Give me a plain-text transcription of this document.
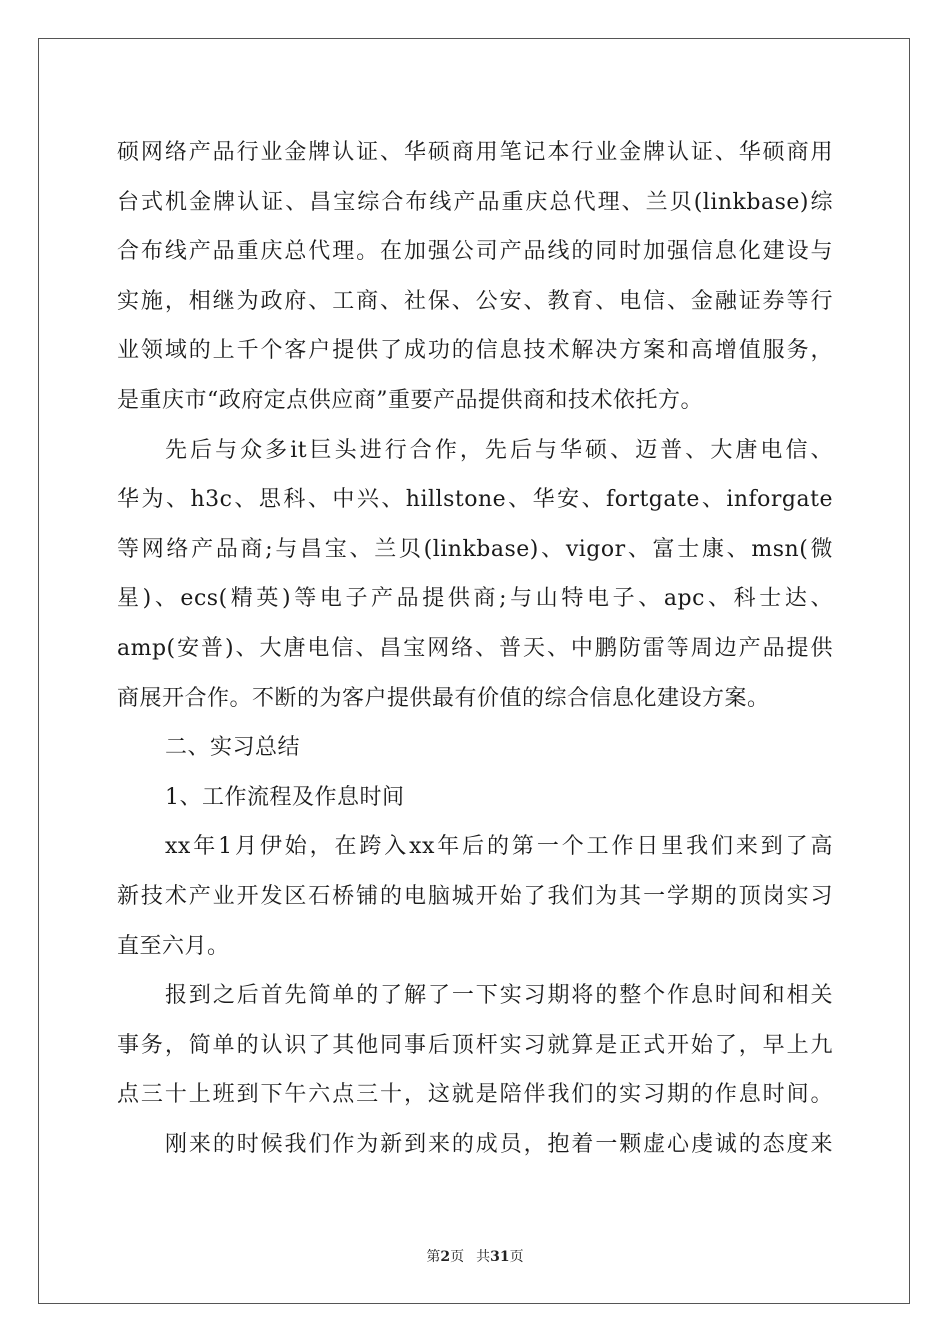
硕网络产品行业金牌认证、华硕商用笔记本行业金牌认证、华硕商用
台式机金牌认证、昌宝综合布线产品重庆总代理、兰贝(linkbase)综
合布线产品重庆总代理。在加强公司产品线的同时加强信息化建设与
实施，相继为政府、工商、社保、公安、教育、电信、金融证券等行
业领域的上千个客户提供了成功的信息技术解决方案和高增值服务，
是重庆市“政府定点供应商”重要产品提供商和技术依托方。
先后与众多it巨头进行合作，先后与华硕、迈普、大唐电信、
华为、h3c、思科、中兴、hillstone、华安、fortgate、inforgate
等网络产品商;与昌宝、兰贝(linkbase)、vigor、富士康、msn(微
星)、ecs(精英)等电子产品提供商;与山特电子、apc、科士达、
amp(安普)、大唐电信、昌宝网络、普天、中鹏防雷等周边产品提供
商展开合作。不断的为客户提供最有价值的综合信息化建设方案。
二、实习总结
1、工作流程及作息时间
xx年1月伊始，在跨入xx年后的第一个工作日里我们来到了高
新技术产业开发区石桥铺的电脑城开始了我们为其一学期的顶岗实习
直至六月。
报到之后首先简单的了解了一下实习期将的整个作息时间和相关
事务，简单的认识了其他同事后顶杆实习就算是正式开始了，早上九
点三十上班到下午六点三十，这就是陪伴我们的实习期的作息时间。
刚来的时候我们作为新到来的成员，抱着一颗虚心虔诚的态度来
第2页 共31页
